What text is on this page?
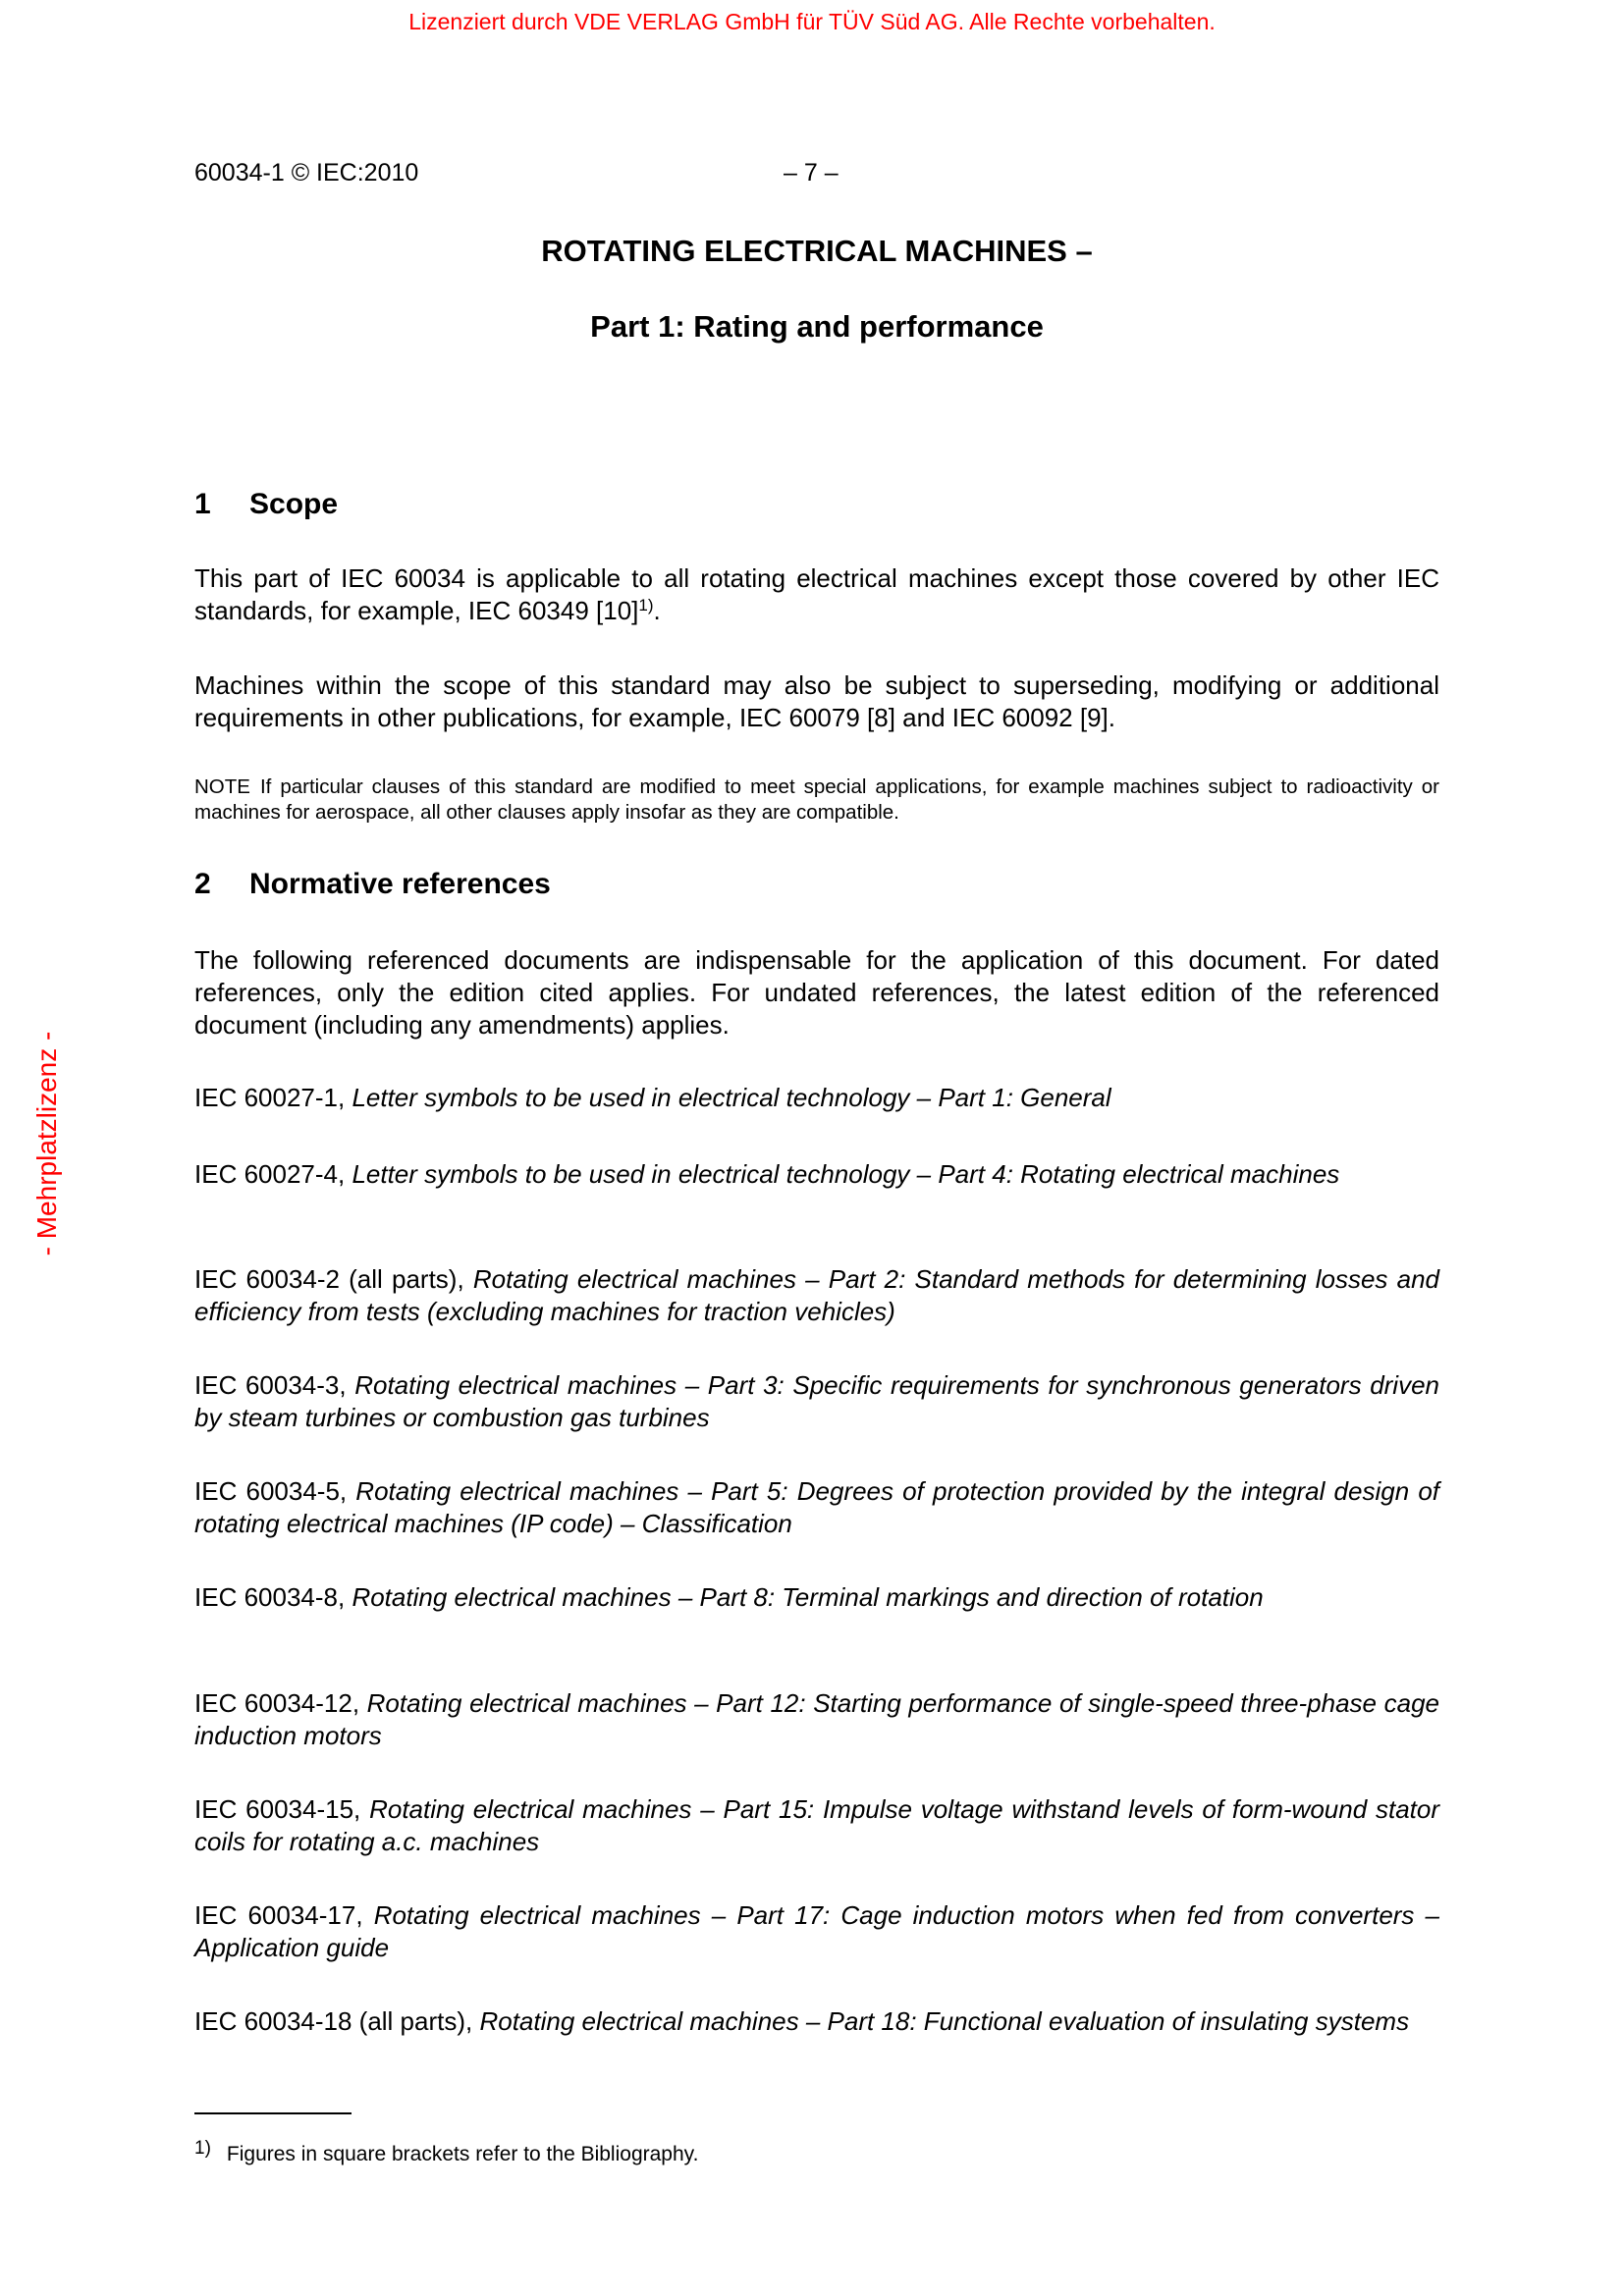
Lizenziert durch VDE VERLAG GmbH für TÜV Süd AG. Alle Rechte vorbehalten.
- Mehrplatzlizenz -
60034-1 © IEC:2010	– 7 –
ROTATING ELECTRICAL MACHINES –
Part 1: Rating and performance
1 Scope
This part of IEC 60034 is applicable to all rotating electrical machines except those covered by other IEC standards, for example, IEC 60349 $[10]^{1)}$.
Machines within the scope of this standard may also be subject to superseding, modifying or additional requirements in other publications, for example, IEC 60079 [8] and IEC 60092 [9].
NOTE If particular clauses of this standard are modified to meet special applications, for example machines subject to radioactivity or machines for aerospace, all other clauses apply insofar as they are compatible.
2 Normative references
The following referenced documents are indispensable for the application of this document. For dated references, only the edition cited applies. For undated references, the latest edition of the referenced document (including any amendments) applies.
IEC 60027-1, Letter symbols to be used in electrical technology – Part 1: General
IEC 60027-4, Letter symbols to be used in electrical technology – Part 4: Rotating electrical machines
IEC 60034-2 (all parts), Rotating electrical machines – Part 2: Standard methods for determining losses and efficiency from tests (excluding machines for traction vehicles)
IEC 60034-3, Rotating electrical machines – Part 3: Specific requirements for synchronous generators driven by steam turbines or combustion gas turbines
IEC 60034-5, Rotating electrical machines – Part 5: Degrees of protection provided by the integral design of rotating electrical machines (IP code) – Classification
IEC 60034-8, Rotating electrical machines – Part 8: Terminal markings and direction of rotation
IEC 60034-12, Rotating electrical machines – Part 12: Starting performance of single-speed three-phase cage induction motors
IEC 60034-15, Rotating electrical machines – Part 15: Impulse voltage withstand levels of form-wound stator coils for rotating a.c. machines
IEC 60034-17, Rotating electrical machines – Part 17: Cage induction motors when fed from converters – Application guide
IEC 60034-18 (all parts), Rotating electrical machines – Part 18: Functional evaluation of insulating systems
1) Figures in square brackets refer to the Bibliography.
